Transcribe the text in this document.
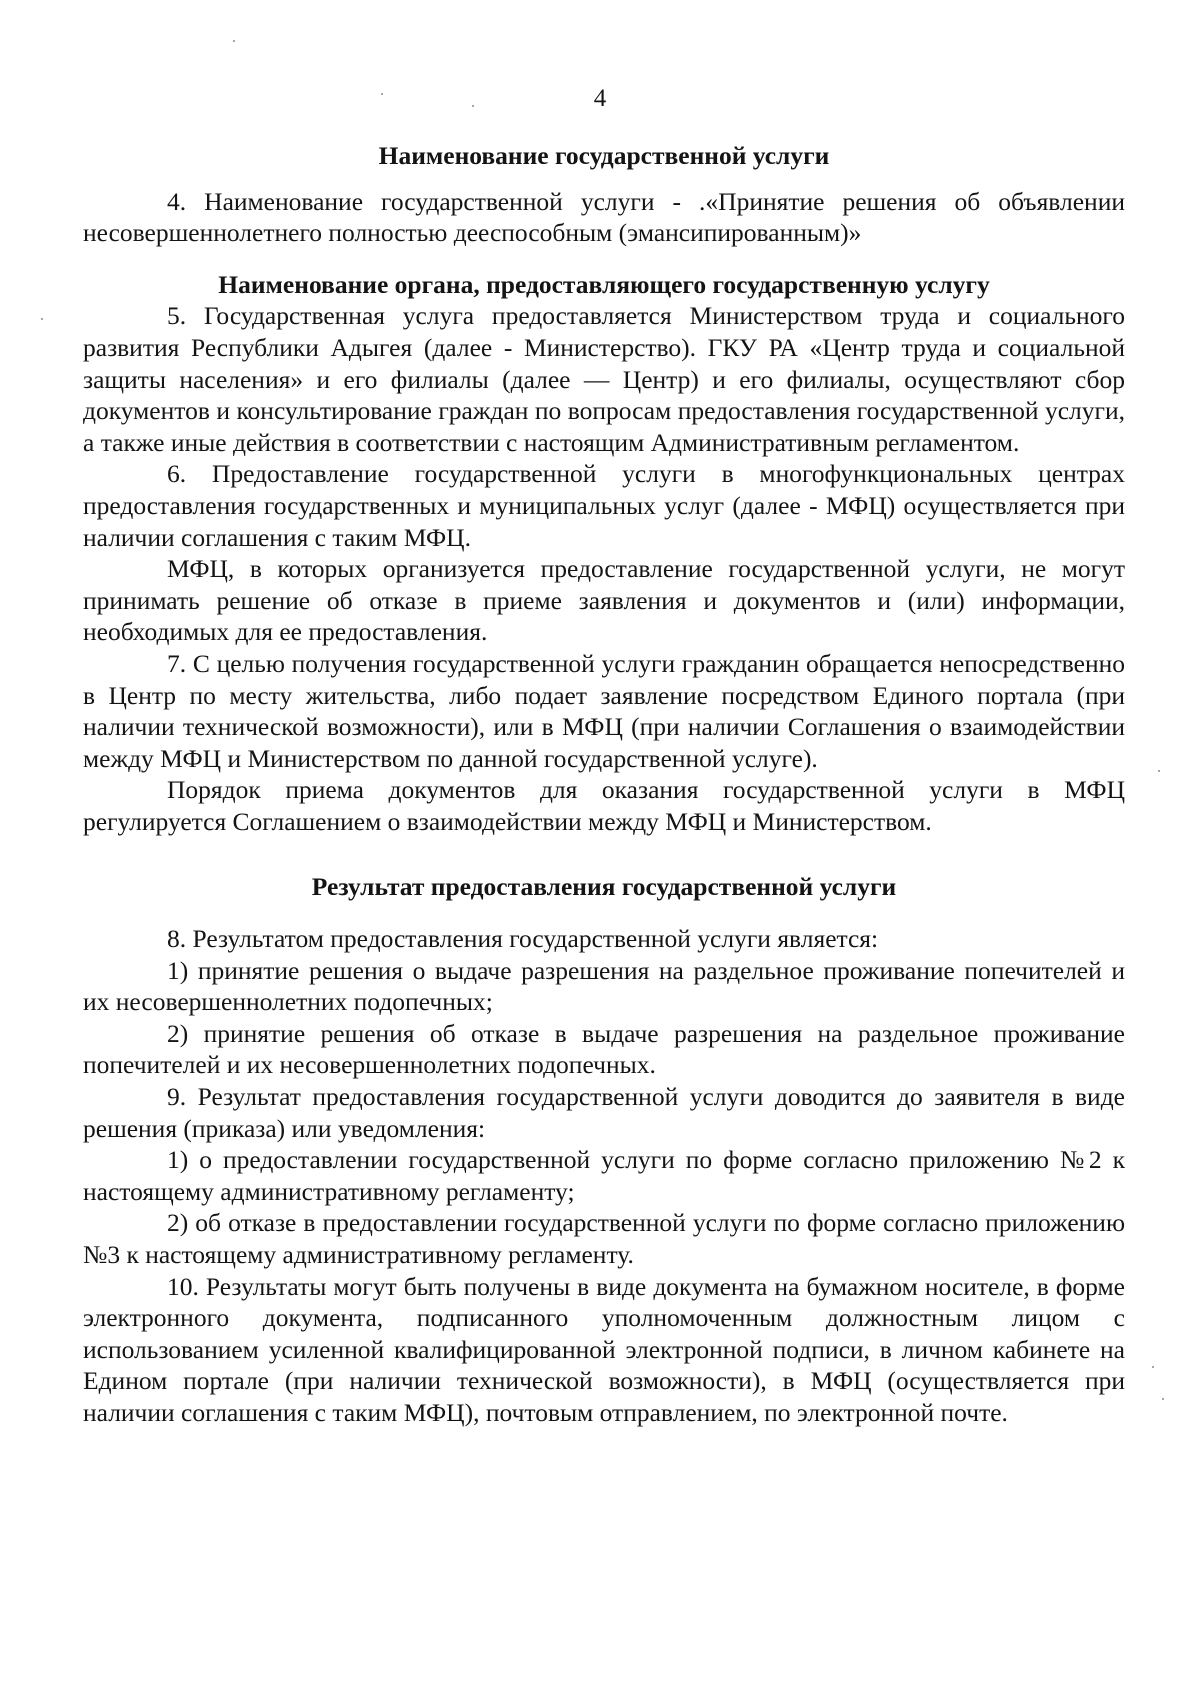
4

Наименование государственной услуги

4. Наименование государственной услуги - .«Принятие решения об объявлении несовершеннолетнего полностью дееспособным (эмансипированным)»

Наименование органа, предоставляющего государственную услугу

5. Государственная услуга предоставляется Министерством труда и социального развития Республики Адыгея (далее - Министерство). ГКУ РА «Центр труда и социальной защиты населения» и его филиалы (далее — Центр) и его филиалы, осуществляют сбор документов и консультирование граждан по вопросам предоставления государственной услуги, а также иные действия в соответствии с настоящим Административным регламентом.

6. Предоставление государственной услуги в многофункциональных центрах предоставления государственных и муниципальных услуг (далее - МФЦ) осуществляется при наличии соглашения с таким МФЦ.

МФЦ, в которых организуется предоставление государственной услуги, не могут принимать решение об отказе в приеме заявления и документов и (или) информации, необходимых для ее предоставления.

7. С целью получения государственной услуги гражданин обращается непосредственно в Центр по месту жительства, либо подает заявление посредством Единого портала (при наличии технической возможности), или в МФЦ (при наличии Соглашения о взаимодействии между МФЦ и Министерством по данной государственной услуге).

Порядок приема документов для оказания государственной услуги в МФЦ регулируется Соглашением о взаимодействии между МФЦ и Министерством.

Результат предоставления государственной услуги

8. Результатом предоставления государственной услуги является:

1) принятие решения о выдаче разрешения на раздельное проживание попечителей и их несовершеннолетних подопечных;

2) принятие решения об отказе в выдаче разрешения на раздельное проживание попечителей и их несовершеннолетних подопечных.

9. Результат предоставления государственной услуги доводится до заявителя в виде решения (приказа) или уведомления:

1) о предоставлении государственной услуги по форме согласно приложению №2 к настоящему административному регламенту;

2) об отказе в предоставлении государственной услуги по форме согласно приложению №3 к настоящему административному регламенту.

10. Результаты могут быть получены в виде документа на бумажном носителе, в форме электронного документа, подписанного уполномоченным должностным лицом с использованием усиленной квалифицированной электронной подписи, в личном кабинете на Едином портале (при наличии технической возможности), в МФЦ (осуществляется при наличии соглашения с таким МФЦ), почтовым отправлением, по электронной почте.
